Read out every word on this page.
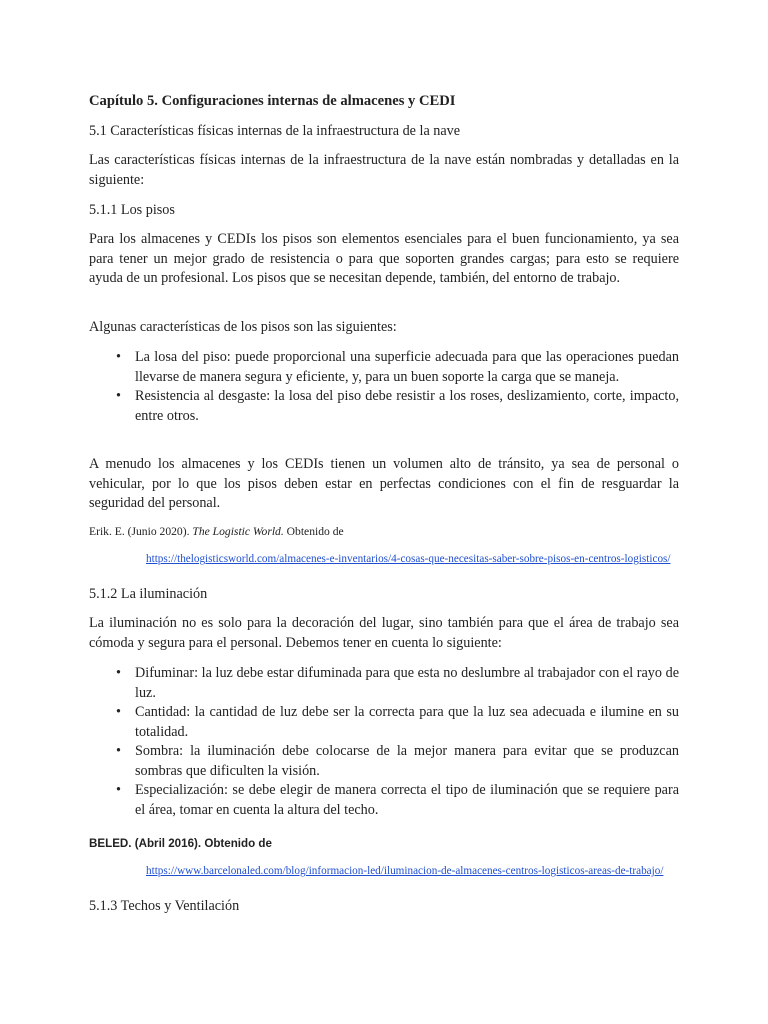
Capítulo 5. Configuraciones internas de almacenes y CEDI

5.1 Características físicas internas de la infraestructura de la nave

Las características físicas internas de la infraestructura de la nave están nombradas y detalladas en la siguiente:

5.1.1 Los pisos

Para los almacenes y CEDIs los pisos son elementos esenciales para el buen funcionamiento, ya sea para tener un mejor grado de resistencia o para que soporten grandes cargas; para esto se requiere ayuda de un profesional. Los pisos que se necesitan depende, también, del entorno de trabajo.

Algunas características de los pisos son las siguientes:

• La losa del piso: puede proporcional una superficie adecuada para que las operaciones puedan llevarse de manera segura y eficiente, y, para un buen soporte la carga que se maneja.
• Resistencia al desgaste: la losa del piso debe resistir a los roses, deslizamiento, corte, impacto, entre otros.

A menudo los almacenes y los CEDIs tienen un volumen alto de tránsito, ya sea de personal o vehicular, por lo que los pisos deben estar en perfectas condiciones con el fin de resguardar la seguridad del personal.

Erik. E. (Junio 2020). The Logistic World. Obtenido de

https://thelogisticsworld.com/almacenes-e-inventarios/4-cosas-que-necesitas-saber-sobre-pisos-en-centros-logisticos/

5.1.2 La iluminación

La iluminación no es solo para la decoración del lugar, sino también para que el área de trabajo sea cómoda y segura para el personal. Debemos tener en cuenta lo siguiente:

• Difuminar: la luz debe estar difuminada para que esta no deslumbre al trabajador con el rayo de luz.
• Cantidad: la cantidad de luz debe ser la correcta para que la luz sea adecuada e ilumine en su totalidad.
• Sombra: la iluminación debe colocarse de la mejor manera para evitar que se produzcan sombras que dificulten la visión.
• Especialización: se debe elegir de manera correcta el tipo de iluminación que se requiere para el área, tomar en cuenta la altura del techo.

BELED. (Abril 2016). Obtenido de

https://www.barcelonaled.com/blog/informacion-led/iluminacion-de-almacenes-centros-logisticos-areas-de-trabajo/

5.1.3 Techos y Ventilación
